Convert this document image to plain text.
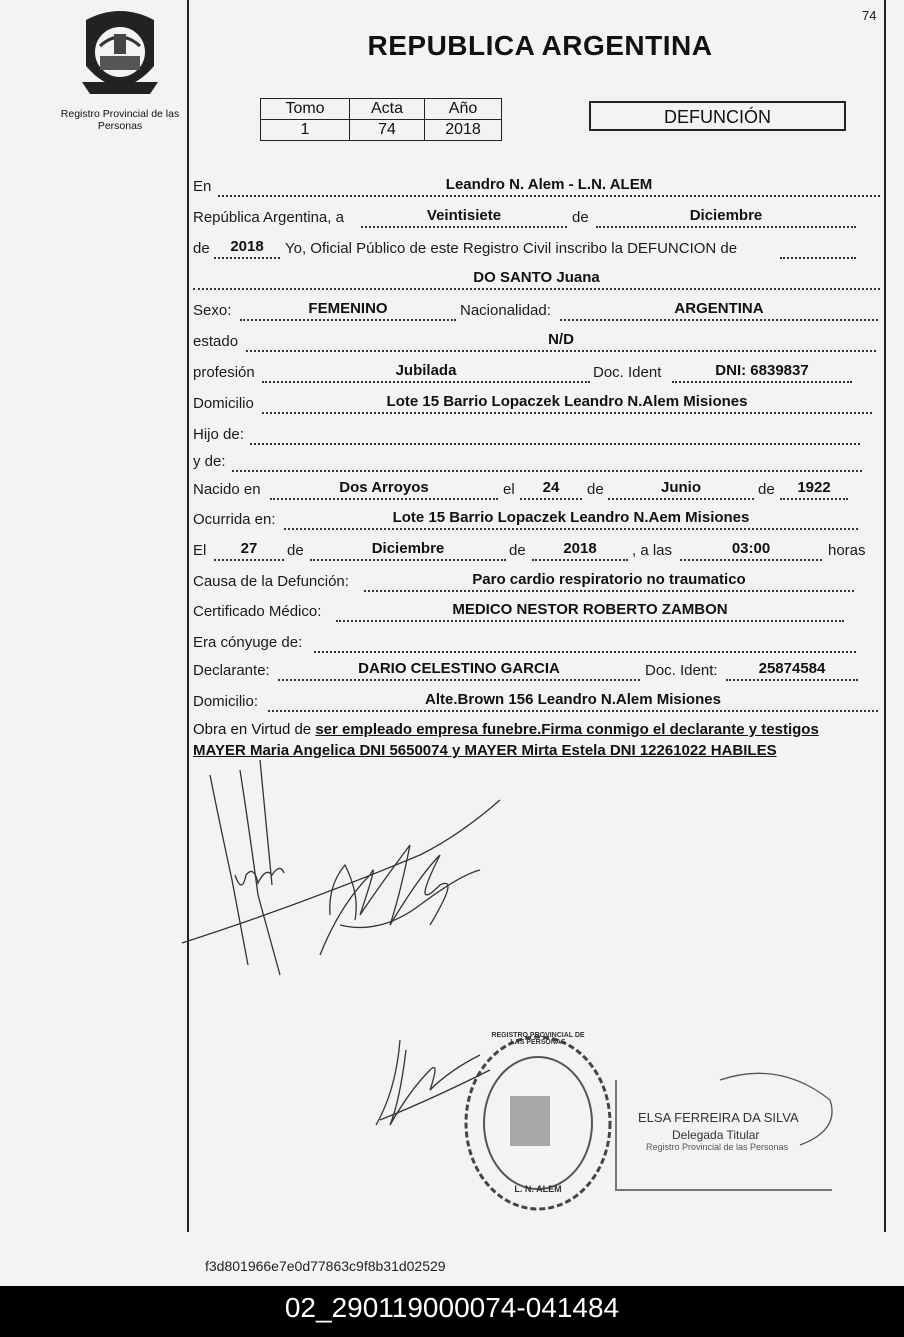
74
Registro Provincial de las Personas
REPUBLICA ARGENTINA
Tomo	Acta	Año
1	74	2018
DEFUNCIÓN
En	Leandro N. Alem - L.N. ALEM
República Argentina, a	Veintisiete	de	Diciembre
de	2018	Yo, Oficial Público de este Registro Civil inscribo la DEFUNCION de
DO SANTO Juana
Sexo:	FEMENINO	Nacionalidad:	ARGENTINA
estado	N/D
profesión	Jubilada	Doc. Ident	DNI: 6839837
Domicilio	Lote 15 Barrio Lopaczek Leandro N.Alem Misiones
Hijo de:
y de:
Nacido en	Dos Arroyos	el	24	de	Junio	de	1922
Ocurrida en:	Lote 15 Barrio Lopaczek Leandro N.Aem Misiones
El	27	de	Diciembre	de	2018	, a las	03:00	horas
Causa de la Defunción:	Paro cardio respiratorio no traumatico
Certificado Médico:	MEDICO NESTOR ROBERTO ZAMBON
Era cónyuge de:
Declarante:	DARIO CELESTINO GARCIA	Doc. Ident:	25874584
Domicilio:	Alte.Brown 156 Leandro N.Alem Misiones
Obra en Virtud de ser empleado empresa funebre.Firma conmigo el declarante y testigos
MAYER Maria Angelica DNI 5650074 y MAYER Mirta Estela DNI 12261022 HABILES
REGISTRO PROVINCIAL DE LAS PERSONAS
L. N. ALEM
ELSA FERREIRA DA SILVA
Delegada Titular
Registro Provincial de las Personas
f3d801966e7e0d77863c9f8b31d02529
02_290119000074-041484
